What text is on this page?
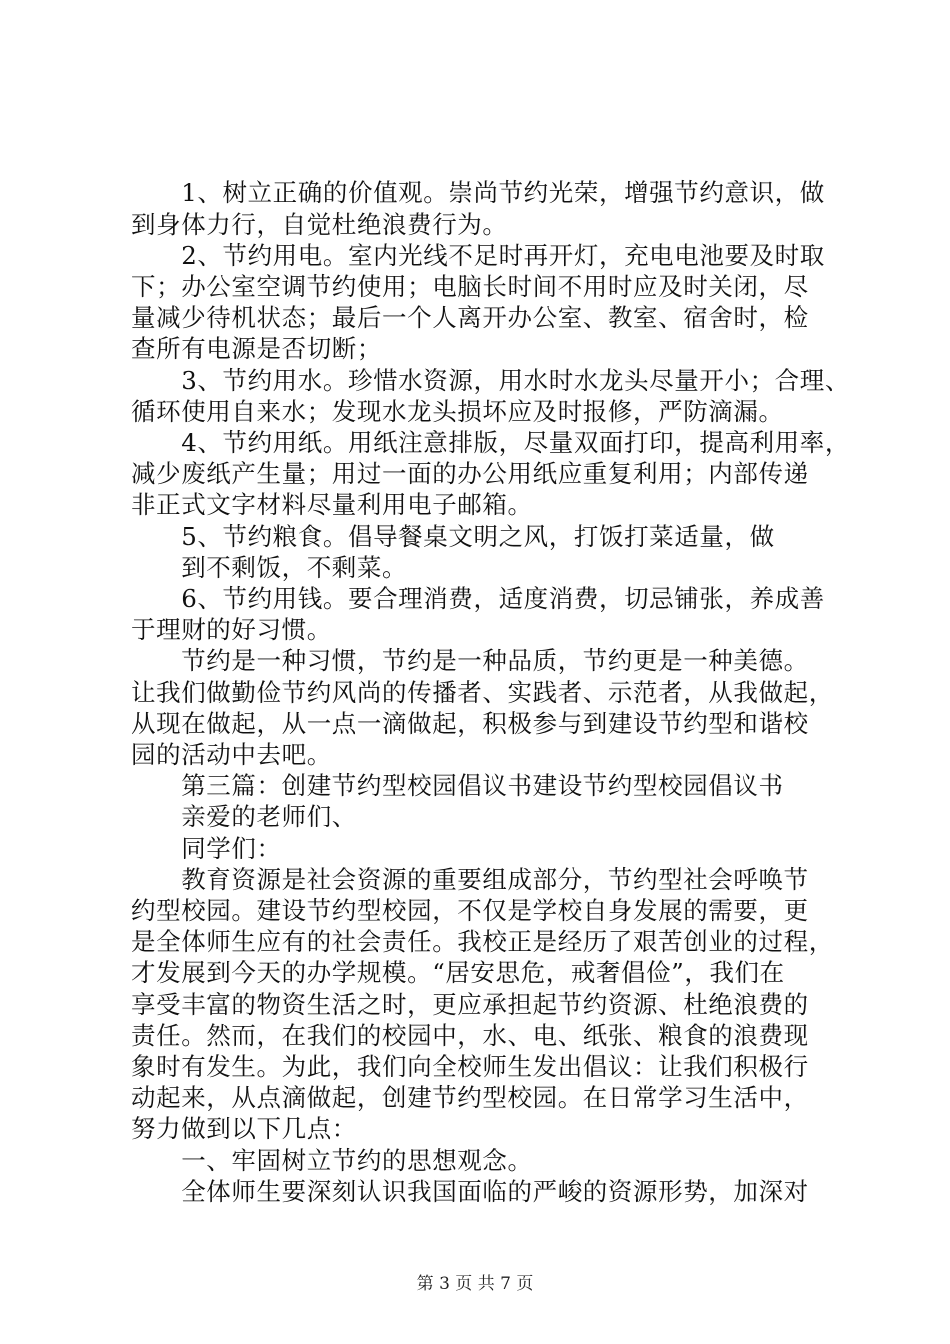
　　1、树立正确的价值观。崇尚节约光荣，增强节约意识，做
到身体力行，自觉杜绝浪费行为。
　　2、节约用电。室内光线不足时再开灯，充电电池要及时取
下；办公室空调节约使用；电脑长时间不用时应及时关闭，尽
量减少待机状态；最后一个人离开办公室、教室、宿舍时，检
查所有电源是否切断；
　　3、节约用水。珍惜水资源，用水时水龙头尽量开小；合理、
循环使用自来水；发现水龙头损坏应及时报修，严防滴漏。
　　4、节约用纸。用纸注意排版，尽量双面打印，提高利用率，
减少废纸产生量；用过一面的办公用纸应重复利用；内部传递
非正式文字材料尽量利用电子邮箱。
　　5、节约粮食。倡导餐桌文明之风，打饭打菜适量，做
　　到不剩饭，不剩菜。
　　6、节约用钱。要合理消费，适度消费，切忌铺张，养成善
于理财的好习惯。
　　节约是一种习惯，节约是一种品质，节约更是一种美德。
让我们做勤俭节约风尚的传播者、实践者、示范者，从我做起，
从现在做起，从一点一滴做起，积极参与到建设节约型和谐校
园的活动中去吧。
　　第三篇：创建节约型校园倡议书建设节约型校园倡议书
　　亲爱的老师们、
　　同学们：
　　教育资源是社会资源的重要组成部分，节约型社会呼唤节
约型校园。建设节约型校园，不仅是学校自身发展的需要，更
是全体师生应有的社会责任。我校正是经历了艰苦创业的过程，
才发展到今天的办学规模。“居安思危，戒奢倡俭”，我们在
享受丰富的物资生活之时，更应承担起节约资源、杜绝浪费的
责任。然而，在我们的校园中，水、电、纸张、粮食的浪费现
象时有发生。为此，我们向全校师生发出倡议：让我们积极行
动起来，从点滴做起，创建节约型校园。在日常学习生活中，
努力做到以下几点：
　　一、牢固树立节约的思想观念。
　　全体师生要深刻认识我国面临的严峻的资源形势，加深对
第 3 页 共 7 页
